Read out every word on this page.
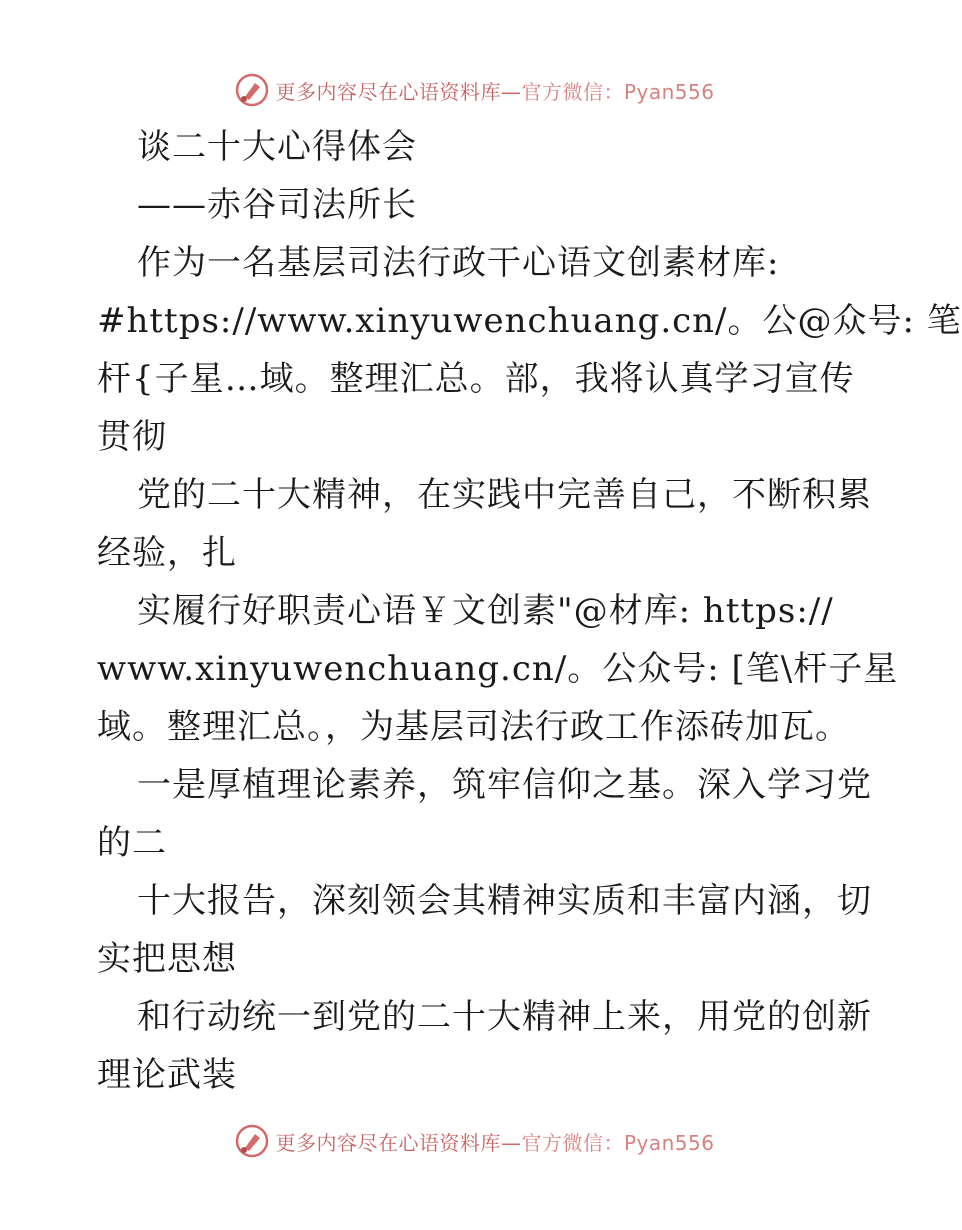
更多内容尽在心语资料库—官方微信：Pyan556
谈二十大心得体会
——赤谷司法所长
作为一名基层司法行政干心语文创素材库:
#https://www.xinyuwenchuang.cn/。公@众号: 笔
杆{子星…域。整理汇总。部，我将认真学习宣传
贯彻
党的二十大精神，在实践中完善自己，不断积累
经验，扎
实履行好职责心语￥文创素"@材库: https://
www.xinyuwenchuang.cn/。公众号: [笔\杆子星
域。整理汇总。，为基层司法行政工作添砖加瓦。
一是厚植理论素养，筑牢信仰之基。深入学习党
的二
十大报告，深刻领会其精神实质和丰富内涵，切
实把思想
和行动统一到党的二十大精神上来，用党的创新
理论武装
更多内容尽在心语资料库—官方微信：Pyan556
